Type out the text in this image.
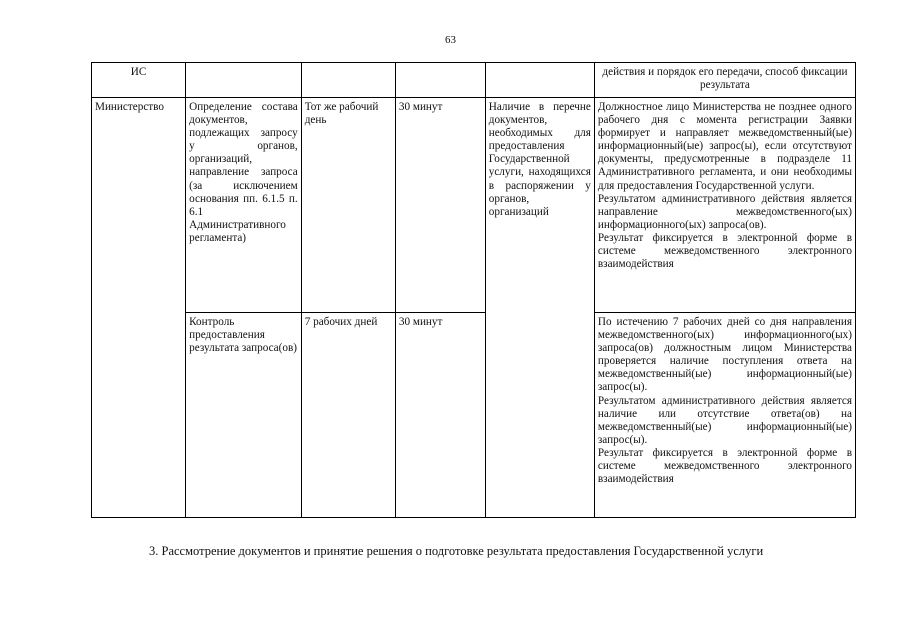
63
ИС					действия и порядок его передачи, способ фиксации результата
Министерство	Определение состава документов, подлежащих запросу у органов, организаций, направление запроса (за исключением основания пп. 6.1.5 п. 6.1 Административного регламента)	Тот же рабочий день	30 минут	Наличие в перечне документов, необходимых для предоставления Государственной услуги, находящихся в распоряжении у органов, организаций	Должностное лицо Министерства не позднее одного рабочего дня с момента регистрации Заявки формирует и направляет межведомственный(ые) информационный(ые) запрос(ы), если отсутствуют документы, предусмотренные в подразделе 11 Административного регламента, и они необходимы для предоставления Государственной услуги.
Результатом административного действия является направление межведомственного(ых) информационного(ых) запроса(ов).
Результат фиксируется в электронной форме в системе межведомственного электронного взаимодействия

	Контроль предоставления результата запроса(ов)	7 рабочих дней	30 минут		По истечению 7 рабочих дней со дня направления межведомственного(ых) информационного(ых) запроса(ов) должностным лицом Министерства проверяется наличие поступления ответа на межведомственный(ые) информационный(ые) запрос(ы).
Результатом административного действия является наличие или отсутствие ответа(ов) на межведомственный(ые) информационный(ые) запрос(ы).
Результат фиксируется в электронной форме в системе межведомственного электронного взаимодействия
3. Рассмотрение документов и принятие решения о подготовке результата предоставления Государственной услуги
